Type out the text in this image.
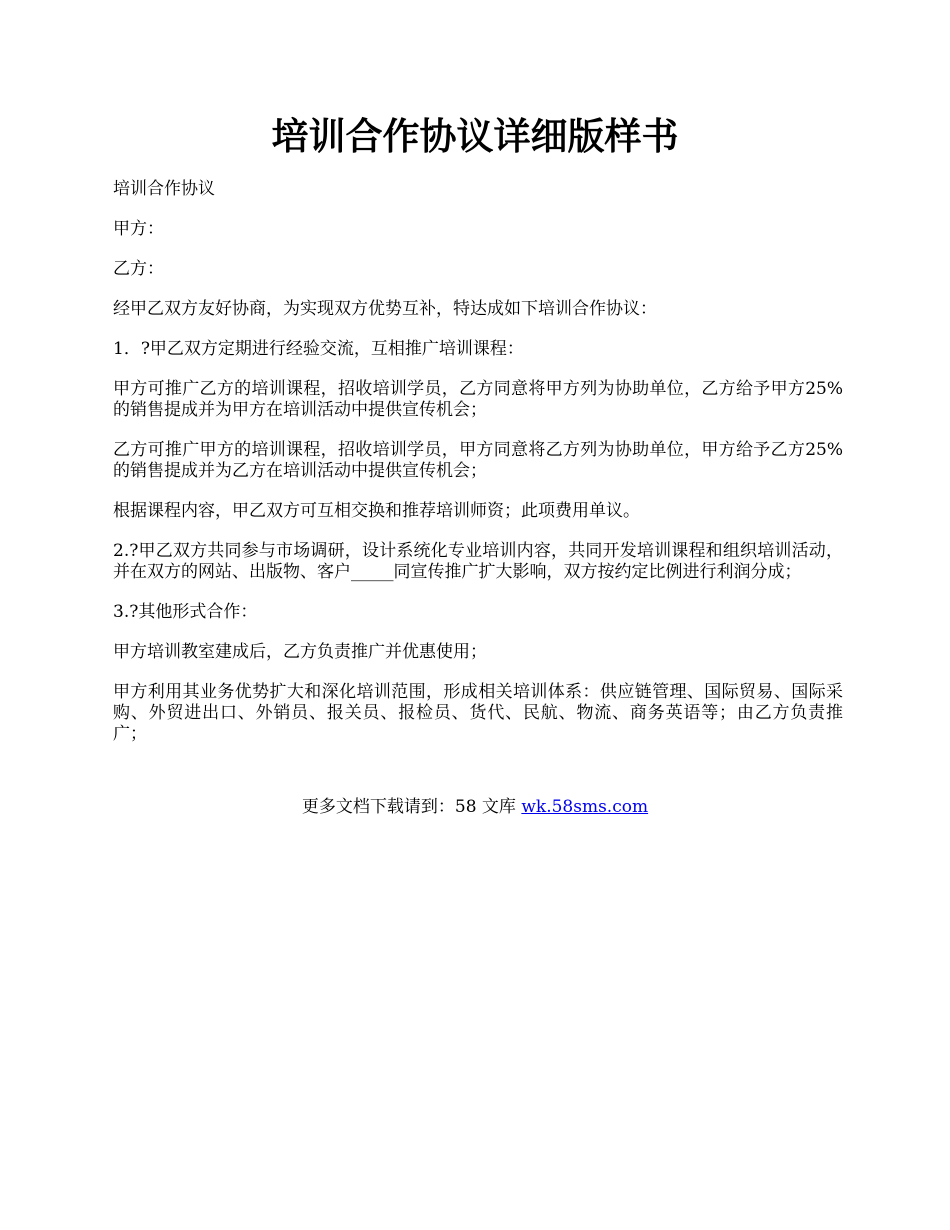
培训合作协议详细版样书

培训合作协议

甲方：

乙方：

经甲乙双方友好协商，为实现双方优势互补，特达成如下培训合作协议：

1．?甲乙双方定期进行经验交流，互相推广培训课程：

甲方可推广乙方的培训课程，招收培训学员，乙方同意将甲方列为协助单位，乙方给予甲方25%的销售提成并为甲方在培训活动中提供宣传机会；

乙方可推广甲方的培训课程，招收培训学员，甲方同意将乙方列为协助单位，甲方给予乙方25%的销售提成并为乙方在培训活动中提供宣传机会；

根据课程内容，甲乙双方可互相交换和推荐培训师资；此项费用单议。

2.?甲乙双方共同参与市场调研，设计系统化专业培训内容，共同开发培训课程和组织培训活动，并在双方的网站、出版物、客户_____同宣传推广扩大影响，双方按约定比例进行利润分成；

3.?其他形式合作：

甲方培训教室建成后，乙方负责推广并优惠使用；

甲方利用其业务优势扩大和深化培训范围，形成相关培训体系：供应链管理、国际贸易、国际采购、外贸进出口、外销员、报关员、报检员、货代、民航、物流、商务英语等；由乙方负责推广；

更多文档下载请到：58 文库 wk.58sms.com
